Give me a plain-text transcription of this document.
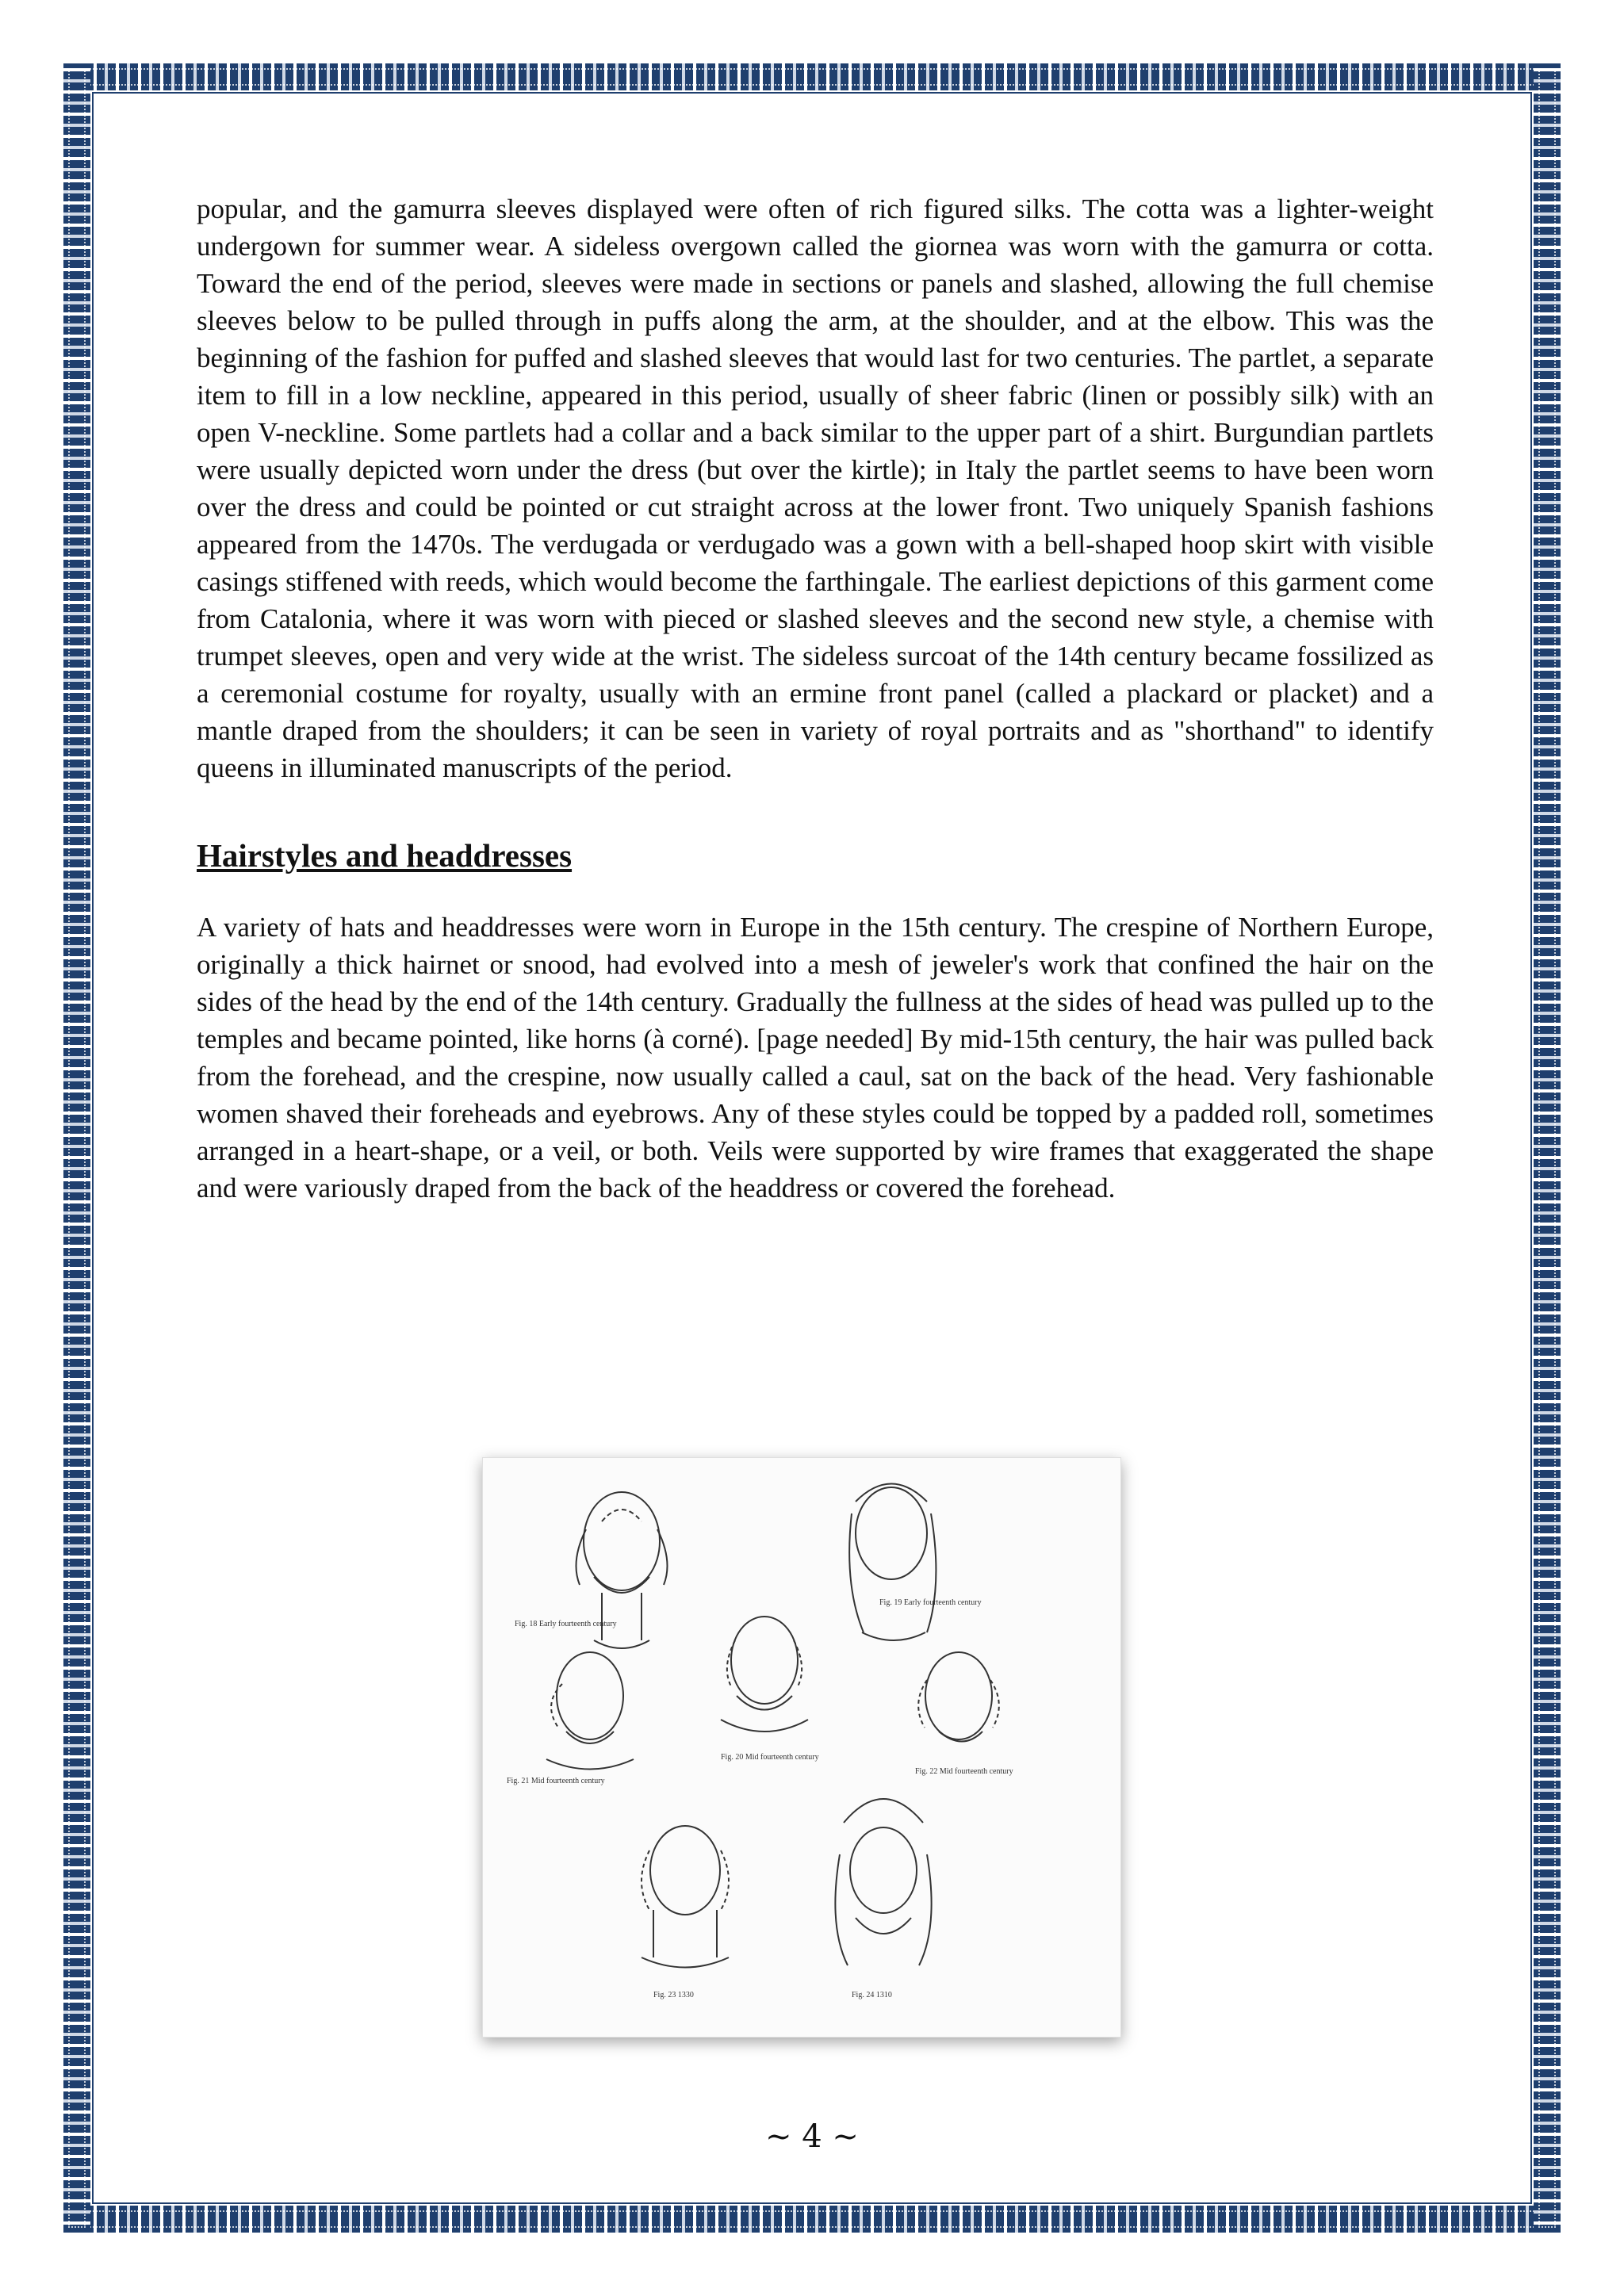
popular, and the gamurra sleeves displayed were often of rich figured silks. The cotta was a lighter-weight undergown for summer wear. A sideless overgown called the giornea was worn with the gamurra or cotta. Toward the end of the period, sleeves were made in sections or panels and slashed, allowing the full chemise sleeves below to be pulled through in puffs along the arm, at the shoulder, and at the elbow. This was the beginning of the fashion for puffed and slashed sleeves that would last for two centuries. The partlet, a separate item to fill in a low neckline, appeared in this period, usually of sheer fabric (linen or possibly silk) with an open V-neckline. Some partlets had a collar and a back similar to the upper part of a shirt. Burgundian partlets were usually depicted worn under the dress (but over the kirtle); in Italy the partlet seems to have been worn over the dress and could be pointed or cut straight across at the lower front. Two uniquely Spanish fashions appeared from the 1470s. The verdugada or verdugado was a gown with a bell-shaped hoop skirt with visible casings stiffened with reeds, which would become the farthingale. The earliest depictions of this garment come from Catalonia, where it was worn with pieced or slashed sleeves and the second new style, a chemise with trumpet sleeves, open and very wide at the wrist. The sideless surcoat of the 14th century became fossilized as a ceremonial costume for royalty, usually with an ermine front panel (called a plackard or placket) and a mantle draped from the shoulders; it can be seen in variety of royal portraits and as "shorthand" to identify queens in illuminated manuscripts of the period.

Hairstyles and headdresses

A variety of hats and headdresses were worn in Europe in the 15th century. The crespine of Northern Europe, originally a thick hairnet or snood, had evolved into a mesh of jeweler's work that confined the hair on the sides of the head by the end of the 14th century. Gradually the fullness at the sides of head was pulled up to the temples and became pointed, like horns (à corné). [page needed] By mid-15th century, the hair was pulled back from the forehead, and the crespine, now usually called a caul, sat on the back of the head. Very fashionable women shaved their foreheads and eyebrows. Any of these styles could be topped by a padded roll, sometimes arranged in a heart-shape, or a veil, or both. Veils were supported by wire frames that exaggerated the shape and were variously draped from the back of the headdress or covered the forehead.

Fig. 18 Early fourteenth century
Fig. 19 Early fourteenth century
Fig. 20 Mid fourteenth century
Fig. 21 Mid fourteenth century
Fig. 22 Mid fourteenth century
Fig. 23 1330	Fig. 24 1310
~ 4 ~
